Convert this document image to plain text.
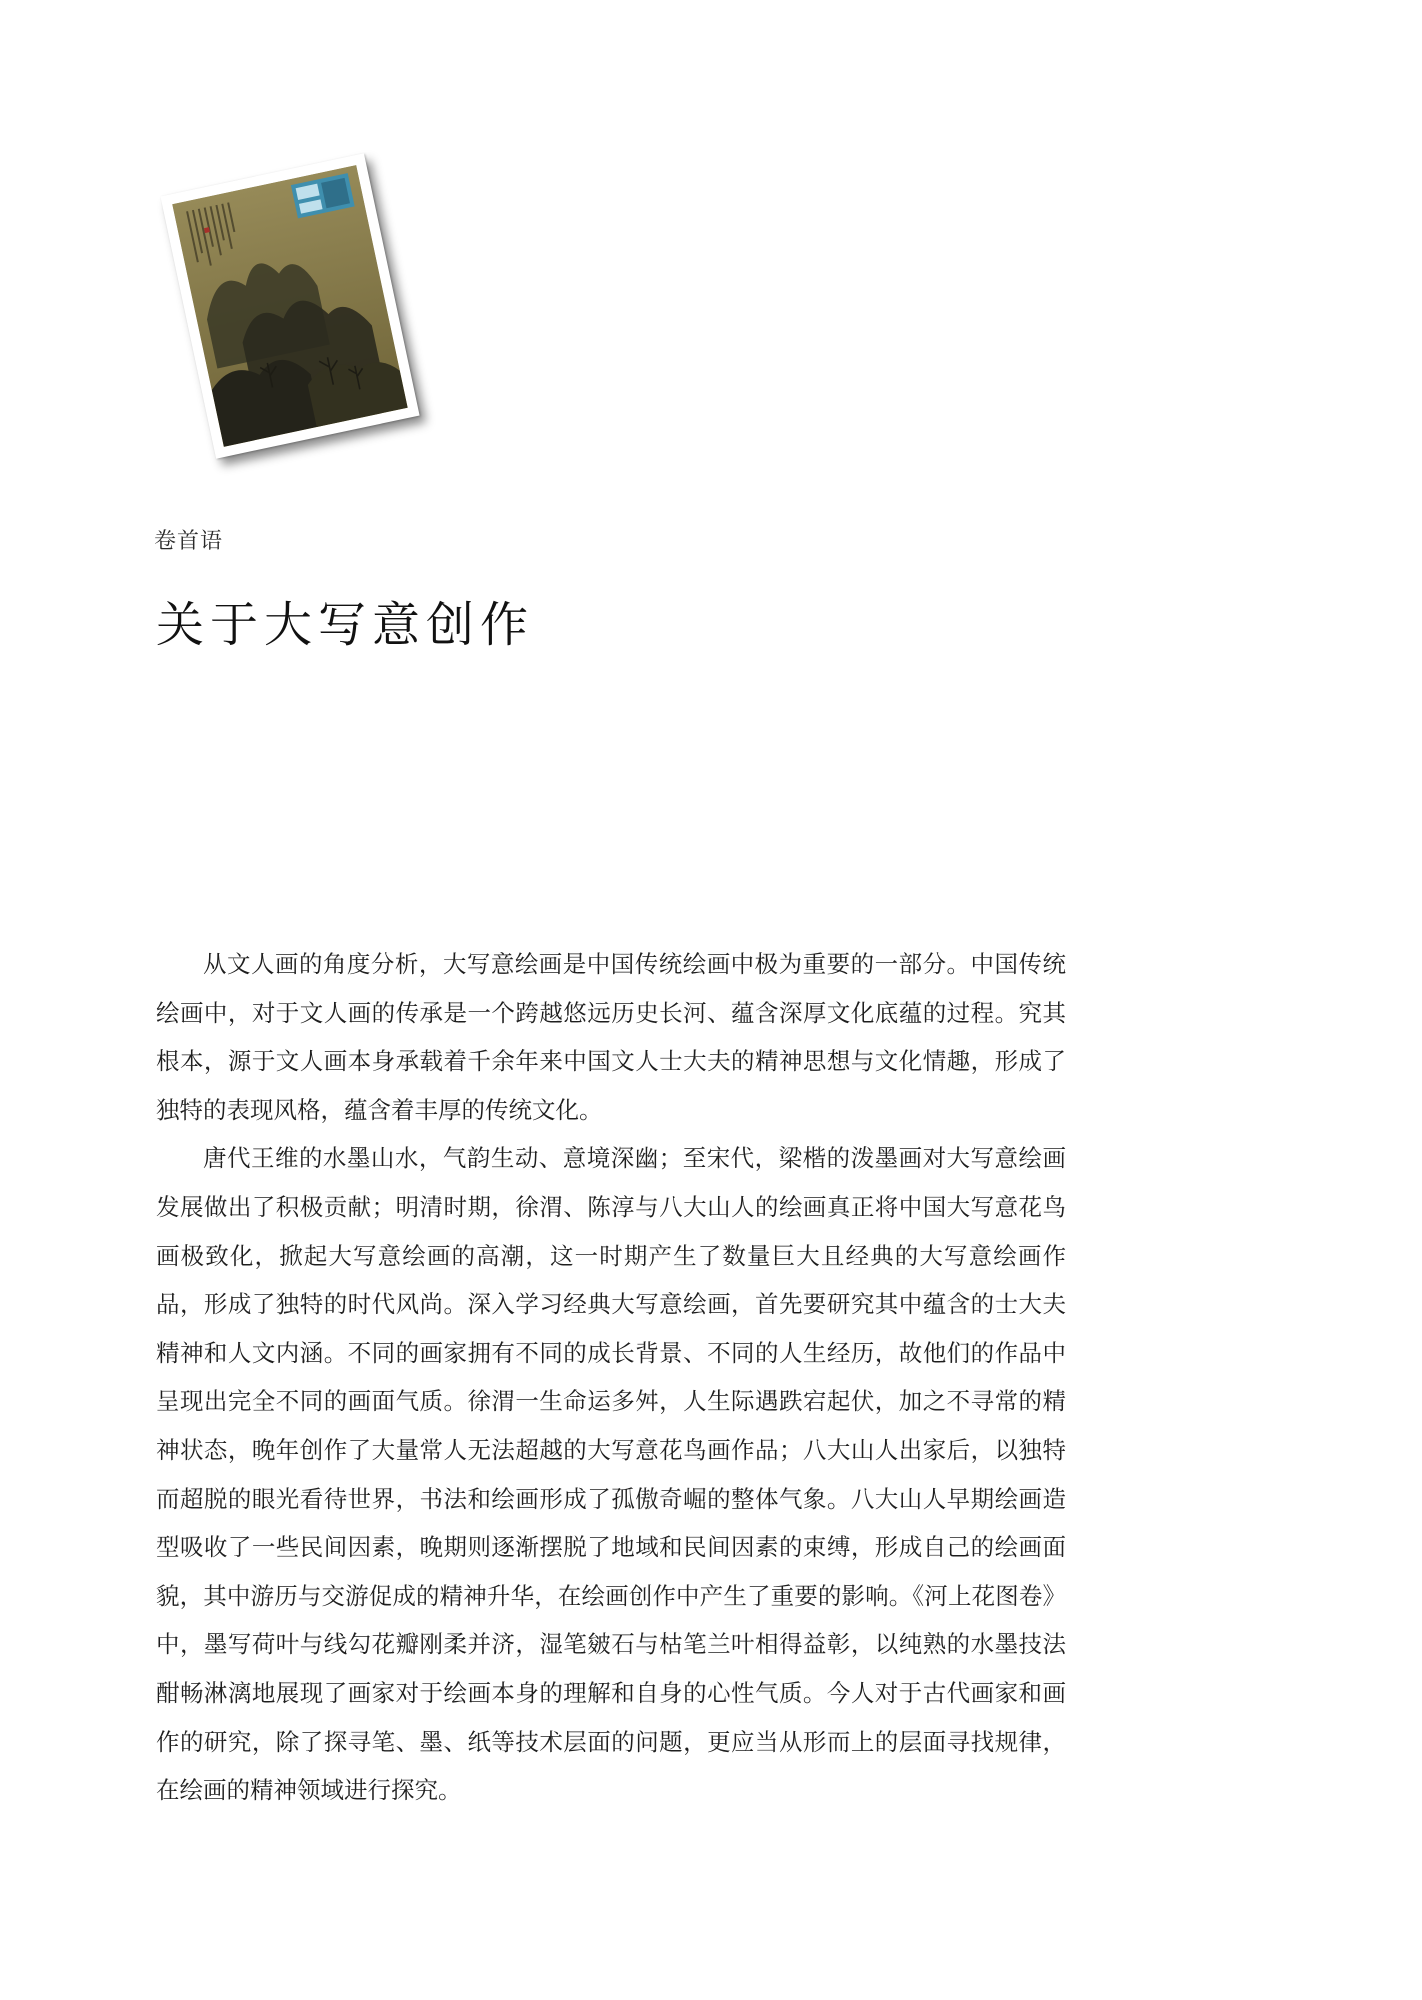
卷首语
关于大写意创作

从文人画的角度分析，大写意绘画是中国传统绘画中极为重要的一部分。中国传统绘画中，对于文人画的传承是一个跨越悠远历史长河、蕴含深厚文化底蕴的过程。究其根本，源于文人画本身承载着千余年来中国文人士大夫的精神思想与文化情趣，形成了独特的表现风格，蕴含着丰厚的传统文化。

唐代王维的水墨山水，气韵生动、意境深幽；至宋代，梁楷的泼墨画对大写意绘画发展做出了积极贡献；明清时期，徐渭、陈淳与八大山人的绘画真正将中国大写意花鸟画极致化，掀起大写意绘画的高潮，这一时期产生了数量巨大且经典的大写意绘画作品，形成了独特的时代风尚。深入学习经典大写意绘画，首先要研究其中蕴含的士大夫精神和人文内涵。不同的画家拥有不同的成长背景、不同的人生经历，故他们的作品中呈现出完全不同的画面气质。徐渭一生命运多舛，人生际遇跌宕起伏，加之不寻常的精神状态，晚年创作了大量常人无法超越的大写意花鸟画作品；八大山人出家后，以独特而超脱的眼光看待世界，书法和绘画形成了孤傲奇崛的整体气象。八大山人早期绘画造型吸收了一些民间因素，晚期则逐渐摆脱了地域和民间因素的束缚，形成自己的绘画面貌，其中游历与交游促成的精神升华，在绘画创作中产生了重要的影响。《河上花图卷》中，墨写荷叶与线勾花瓣刚柔并济，湿笔皴石与枯笔兰叶相得益彰，以纯熟的水墨技法酣畅淋漓地展现了画家对于绘画本身的理解和自身的心性气质。今人对于古代画家和画作的研究，除了探寻笔、墨、纸等技术层面的问题，更应当从形而上的层面寻找规律，在绘画的精神领域进行探究。
